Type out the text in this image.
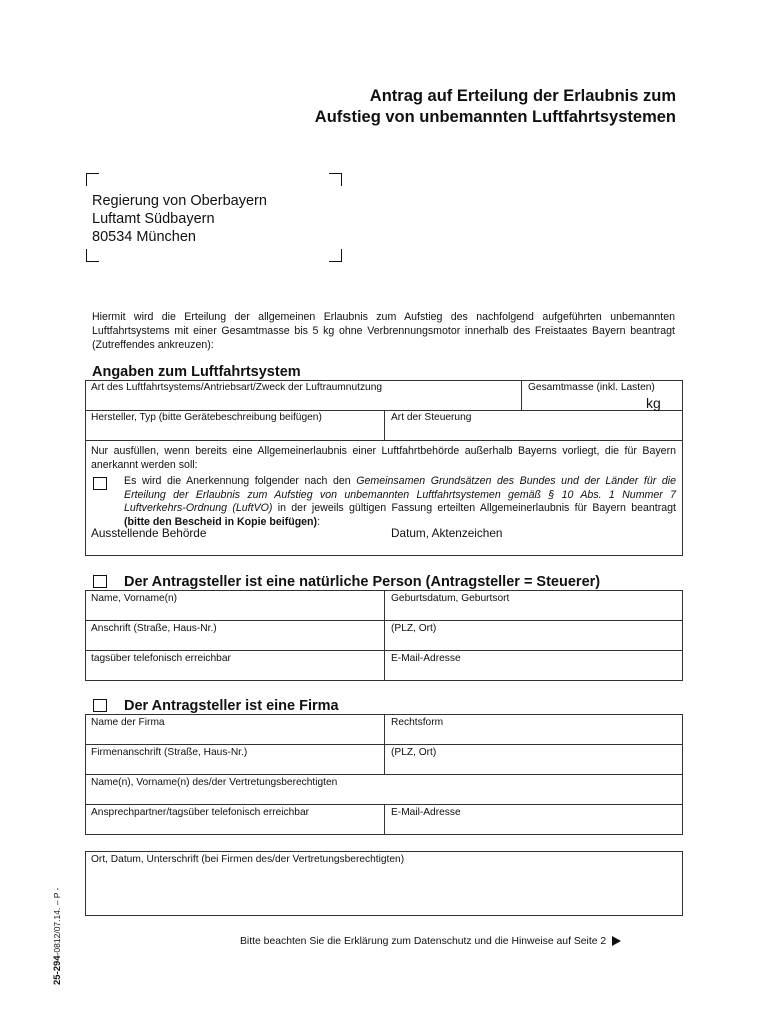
Antrag auf Erteilung der Erlaubnis zum
Aufstieg von unbemannten Luftfahrtsystemen
Regierung von Oberbayern
Luftamt Südbayern
80534 München
Hiermit wird die Erteilung der allgemeinen Erlaubnis zum Aufstieg des nachfolgend aufgeführten unbemannten Luftfahrtsystems mit einer Gesamtmasse bis 5 kg ohne Verbrennungsmotor innerhalb des Freistaates Bayern beantragt (Zutreffendes ankreuzen):
Angaben zum Luftfahrtsystem
Art des Luftfahrtsystems/Antriebsart/Zweck der Luftraumnutzung	Gesamtmasse (inkl. Lasten)
kg
Hersteller, Typ (bitte Gerätebeschreibung beifügen)	Art der Steuerung
Nur ausfüllen, wenn bereits eine Allgemeinerlaubnis einer Luftfahrtbehörde außerhalb Bayerns vorliegt, die für Bayern anerkannt werden soll:
Es wird die Anerkennung folgender nach den Gemeinsamen Grundsätzen des Bundes und der Länder für die Erteilung der Erlaubnis zum Aufstieg von unbemannten Luftfahrtsystemen gemäß § 10 Abs. 1 Nummer 7 Luftverkehrs-Ordnung (LuftVO) in der jeweils gültigen Fassung erteilten Allgemeinerlaubnis für Bayern beantragt (bitte den Bescheid in Kopie beifügen):
Ausstellende Behörde	Datum, Aktenzeichen
Der Antragsteller ist eine natürliche Person (Antragsteller = Steuerer)
Name, Vorname(n)	Geburtsdatum, Geburtsort
Anschrift (Straße, Haus-Nr.)	(PLZ, Ort)
tagsüber telefonisch erreichbar	E-Mail-Adresse
Der Antragsteller ist eine Firma
Name der Firma	Rechtsform
Firmenanschrift (Straße, Haus-Nr.)	(PLZ, Ort)
Name(n), Vorname(n) des/der Vertretungsberechtigten
Ansprechpartner/tagsüber telefonisch erreichbar	E-Mail-Adresse
Ort, Datum, Unterschrift (bei Firmen des/der Vertretungsberechtigten)
Bitte beachten Sie die Erklärung zum Datenschutz und die Hinweise auf Seite 2
25-294-0812/07.14. – P -
